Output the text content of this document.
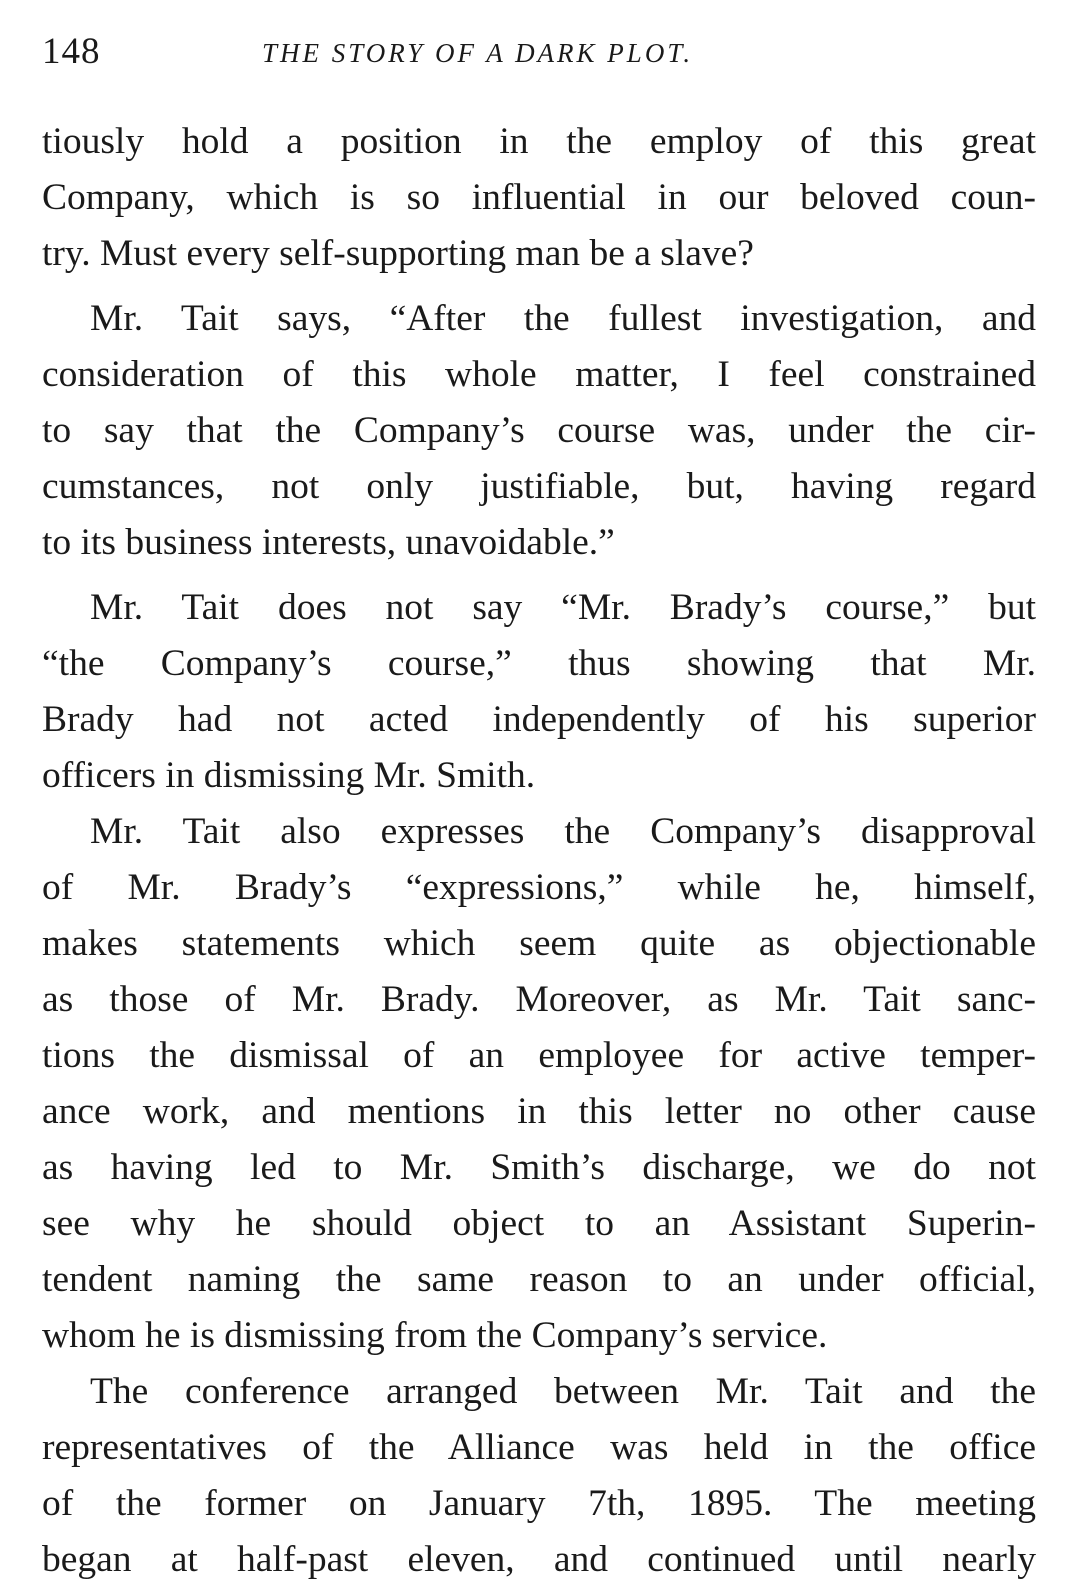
148	THE STORY OF A DARK PLOT.
tiously hold a position in the employ of this great
Company, which is so influential in our beloved coun-
try. Must every self-supporting man be a slave?
Mr. Tait says, “After the fullest investigation, and
consideration of this whole matter, I feel constrained
to say that the Company’s course was, under the cir-
cumstances, not only justifiable, but, having regard
to its business interests, unavoidable.”
Mr. Tait does not say “Mr. Brady’s course,” but
“the Company’s course,” thus showing that Mr.
Brady had not acted independently of his superior
officers in dismissing Mr. Smith.
Mr. Tait also expresses the Company’s disapproval
of Mr. Brady’s “expressions,” while he, himself,
makes statements which seem quite as objectionable
as those of Mr. Brady. Moreover, as Mr. Tait sanc-
tions the dismissal of an employee for active temper-
ance work, and mentions in this letter no other cause
as having led to Mr. Smith’s discharge, we do not
see why he should object to an Assistant Superin-
tendent naming the same reason to an under official,
whom he is dismissing from the Company’s service.
The conference arranged between Mr. Tait and the
representatives of the Alliance was held in the office
of the former on January 7th, 1895. The meeting
began at half-past eleven, and continued until nearly
